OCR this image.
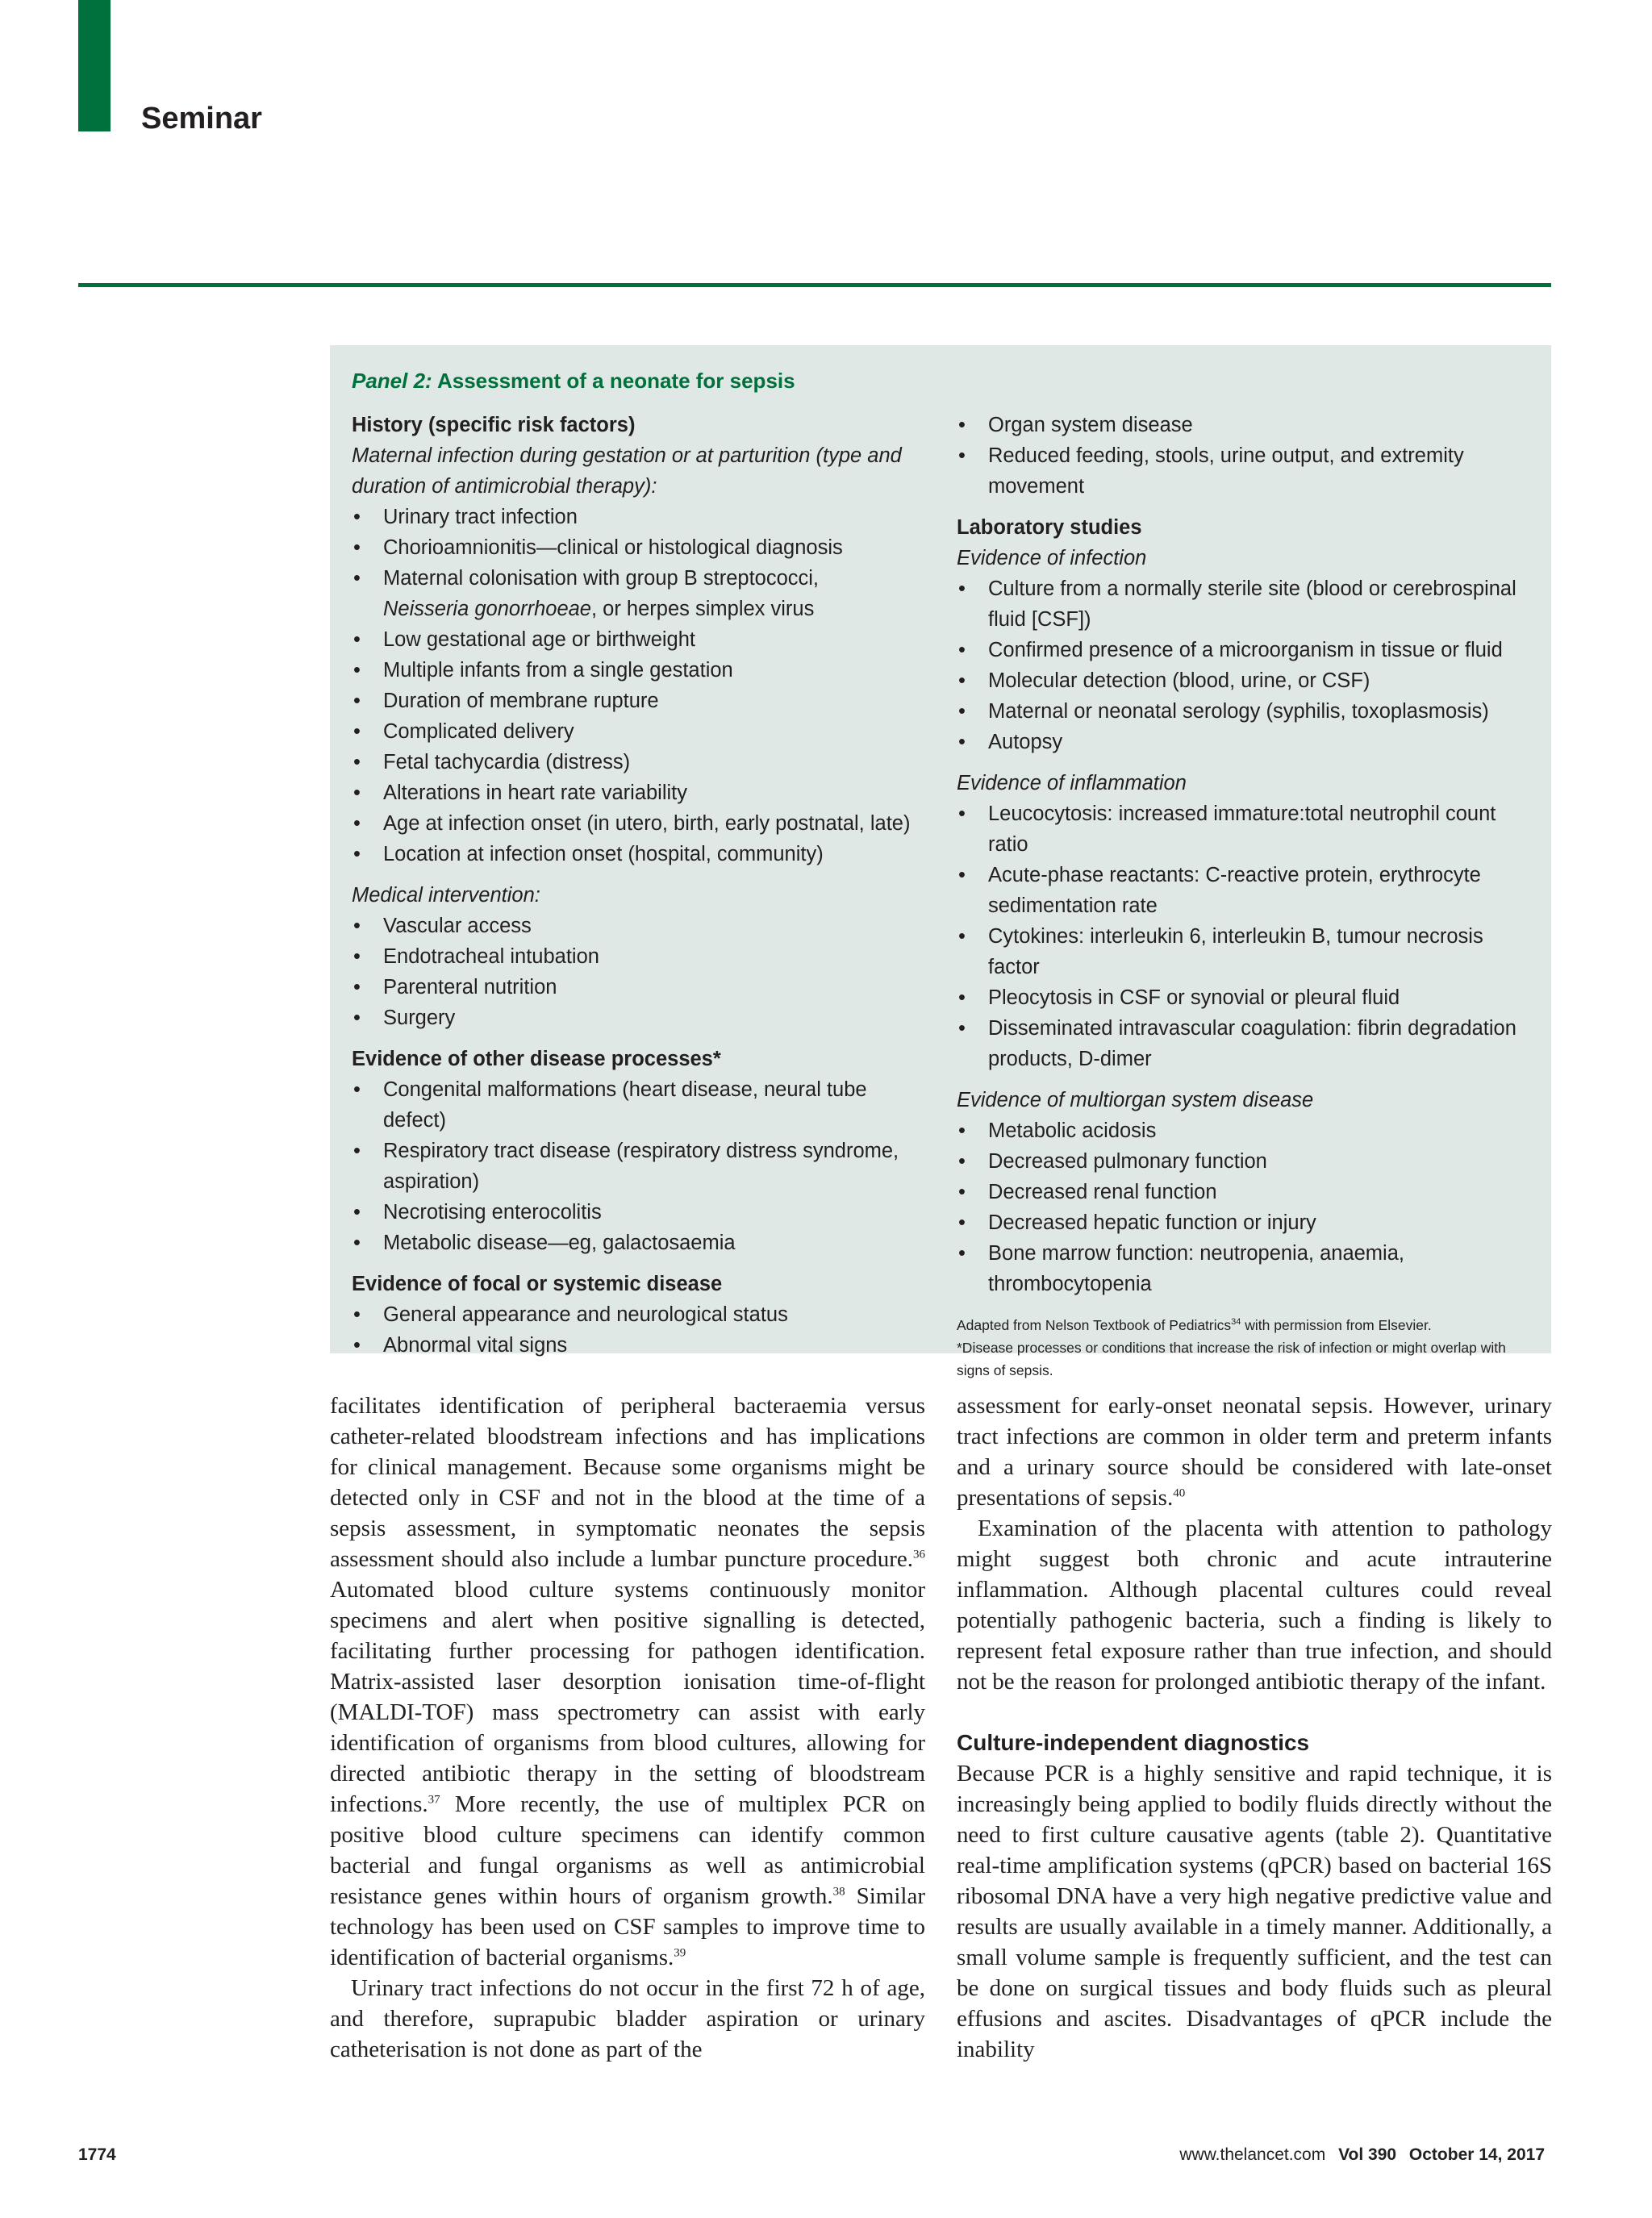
Seminar
Panel 2: Assessment of a neonate for sepsis
History (specific risk factors)
Maternal infection during gestation or at parturition (type and duration of antimicrobial therapy):
• Urinary tract infection
• Chorioamnionitis—clinical or histological diagnosis
• Maternal colonisation with group B streptococci,
Neisseria gonorrhoeae, or herpes simplex virus
• Low gestational age or birthweight
• Multiple infants from a single gestation
• Duration of membrane rupture
• Complicated delivery
• Fetal tachycardia (distress)
• Alterations in heart rate variability
• Age at infection onset (in utero, birth, early postnatal, late)
• Location at infection onset (hospital, community)
Medical intervention:
• Vascular access
• Endotracheal intubation
• Parenteral nutrition
• Surgery
Evidence of other disease processes*
• Congenital malformations (heart disease, neural tube defect)
• Respiratory tract disease (respiratory distress syndrome, aspiration)
• Necrotising enterocolitis
• Metabolic disease—eg, galactosaemia
Evidence of focal or systemic disease
• General appearance and neurological status
• Abnormal vital signs
• Organ system disease
• Reduced feeding, stools, urine output, and extremity movement
Laboratory studies
Evidence of infection
• Culture from a normally sterile site (blood or cerebrospinal fluid [CSF])
• Confirmed presence of a microorganism in tissue or fluid
• Molecular detection (blood, urine, or CSF)
• Maternal or neonatal serology (syphilis, toxoplasmosis)
• Autopsy
Evidence of inflammation
• Leucocytosis: increased immature:total neutrophil count ratio
• Acute-phase reactants: C-reactive protein, erythrocyte sedimentation rate
• Cytokines: interleukin 6, interleukin B, tumour necrosis factor
• Pleocytosis in CSF or synovial or pleural fluid
• Disseminated intravascular coagulation: fibrin degradation products, D-dimer
Evidence of multiorgan system disease
• Metabolic acidosis
• Decreased pulmonary function
• Decreased renal function
• Decreased hepatic function or injury
• Bone marrow function: neutropenia, anaemia, thrombocytopenia
Adapted from Nelson Textbook of Pediatrics$^{34}$ with permission from Elsevier.
*Disease processes or conditions that increase the risk of infection or might overlap with signs of sepsis.

facilitates identification of peripheral bacteraemia versus catheter-related bloodstream infections and has implications for clinical management. Because some organisms might be detected only in CSF and not in the blood at the time of a sepsis assessment, in symptomatic neonates the sepsis assessment should also include a lumbar puncture procedure.$^{36}$ Automated blood culture systems continuously monitor specimens and alert when positive signalling is detected, facilitating further processing for pathogen identification. Matrix-assisted laser desorption ionisation time-of-flight (MALDI-TOF) mass spectrometry can assist with early identification of organisms from blood cultures, allowing for directed antibiotic therapy in the setting of bloodstream infections.$^{37}$ More recently, the use of multiplex PCR on positive blood culture specimens can identify common bacterial and fungal organisms as well as antimicrobial resistance genes within hours of organism growth.$^{38}$ Similar technology has been used on CSF samples to improve time to identification of bacterial organisms.$^{39}$

Urinary tract infections do not occur in the first 72 h of age, and therefore, suprapubic bladder aspiration or urinary catheterisation is not done as part of the

assessment for early-onset neonatal sepsis. However, urinary tract infections are common in older term and preterm infants and a urinary source should be considered with late-onset presentations of sepsis.$^{40}$

Examination of the placenta with attention to pathology might suggest both chronic and acute intrauterine inflammation. Although placental cultures could reveal potentially pathogenic bacteria, such a finding is likely to represent fetal exposure rather than true infection, and should not be the reason for prolonged antibiotic therapy of the infant.

Culture-independent diagnostics

Because PCR is a highly sensitive and rapid technique, it is increasingly being applied to bodily fluids directly without the need to first culture causative agents (table 2). Quantitative real-time amplification systems (qPCR) based on bacterial 16S ribosomal DNA have a very high negative predictive value and results are usually available in a timely manner. Additionally, a small volume sample is frequently sufficient, and the test can be done on surgical tissues and body fluids such as pleural effusions and ascites. Disadvantages of qPCR include the inability

1774	www.thelancet.com Vol 390 October 14, 2017
